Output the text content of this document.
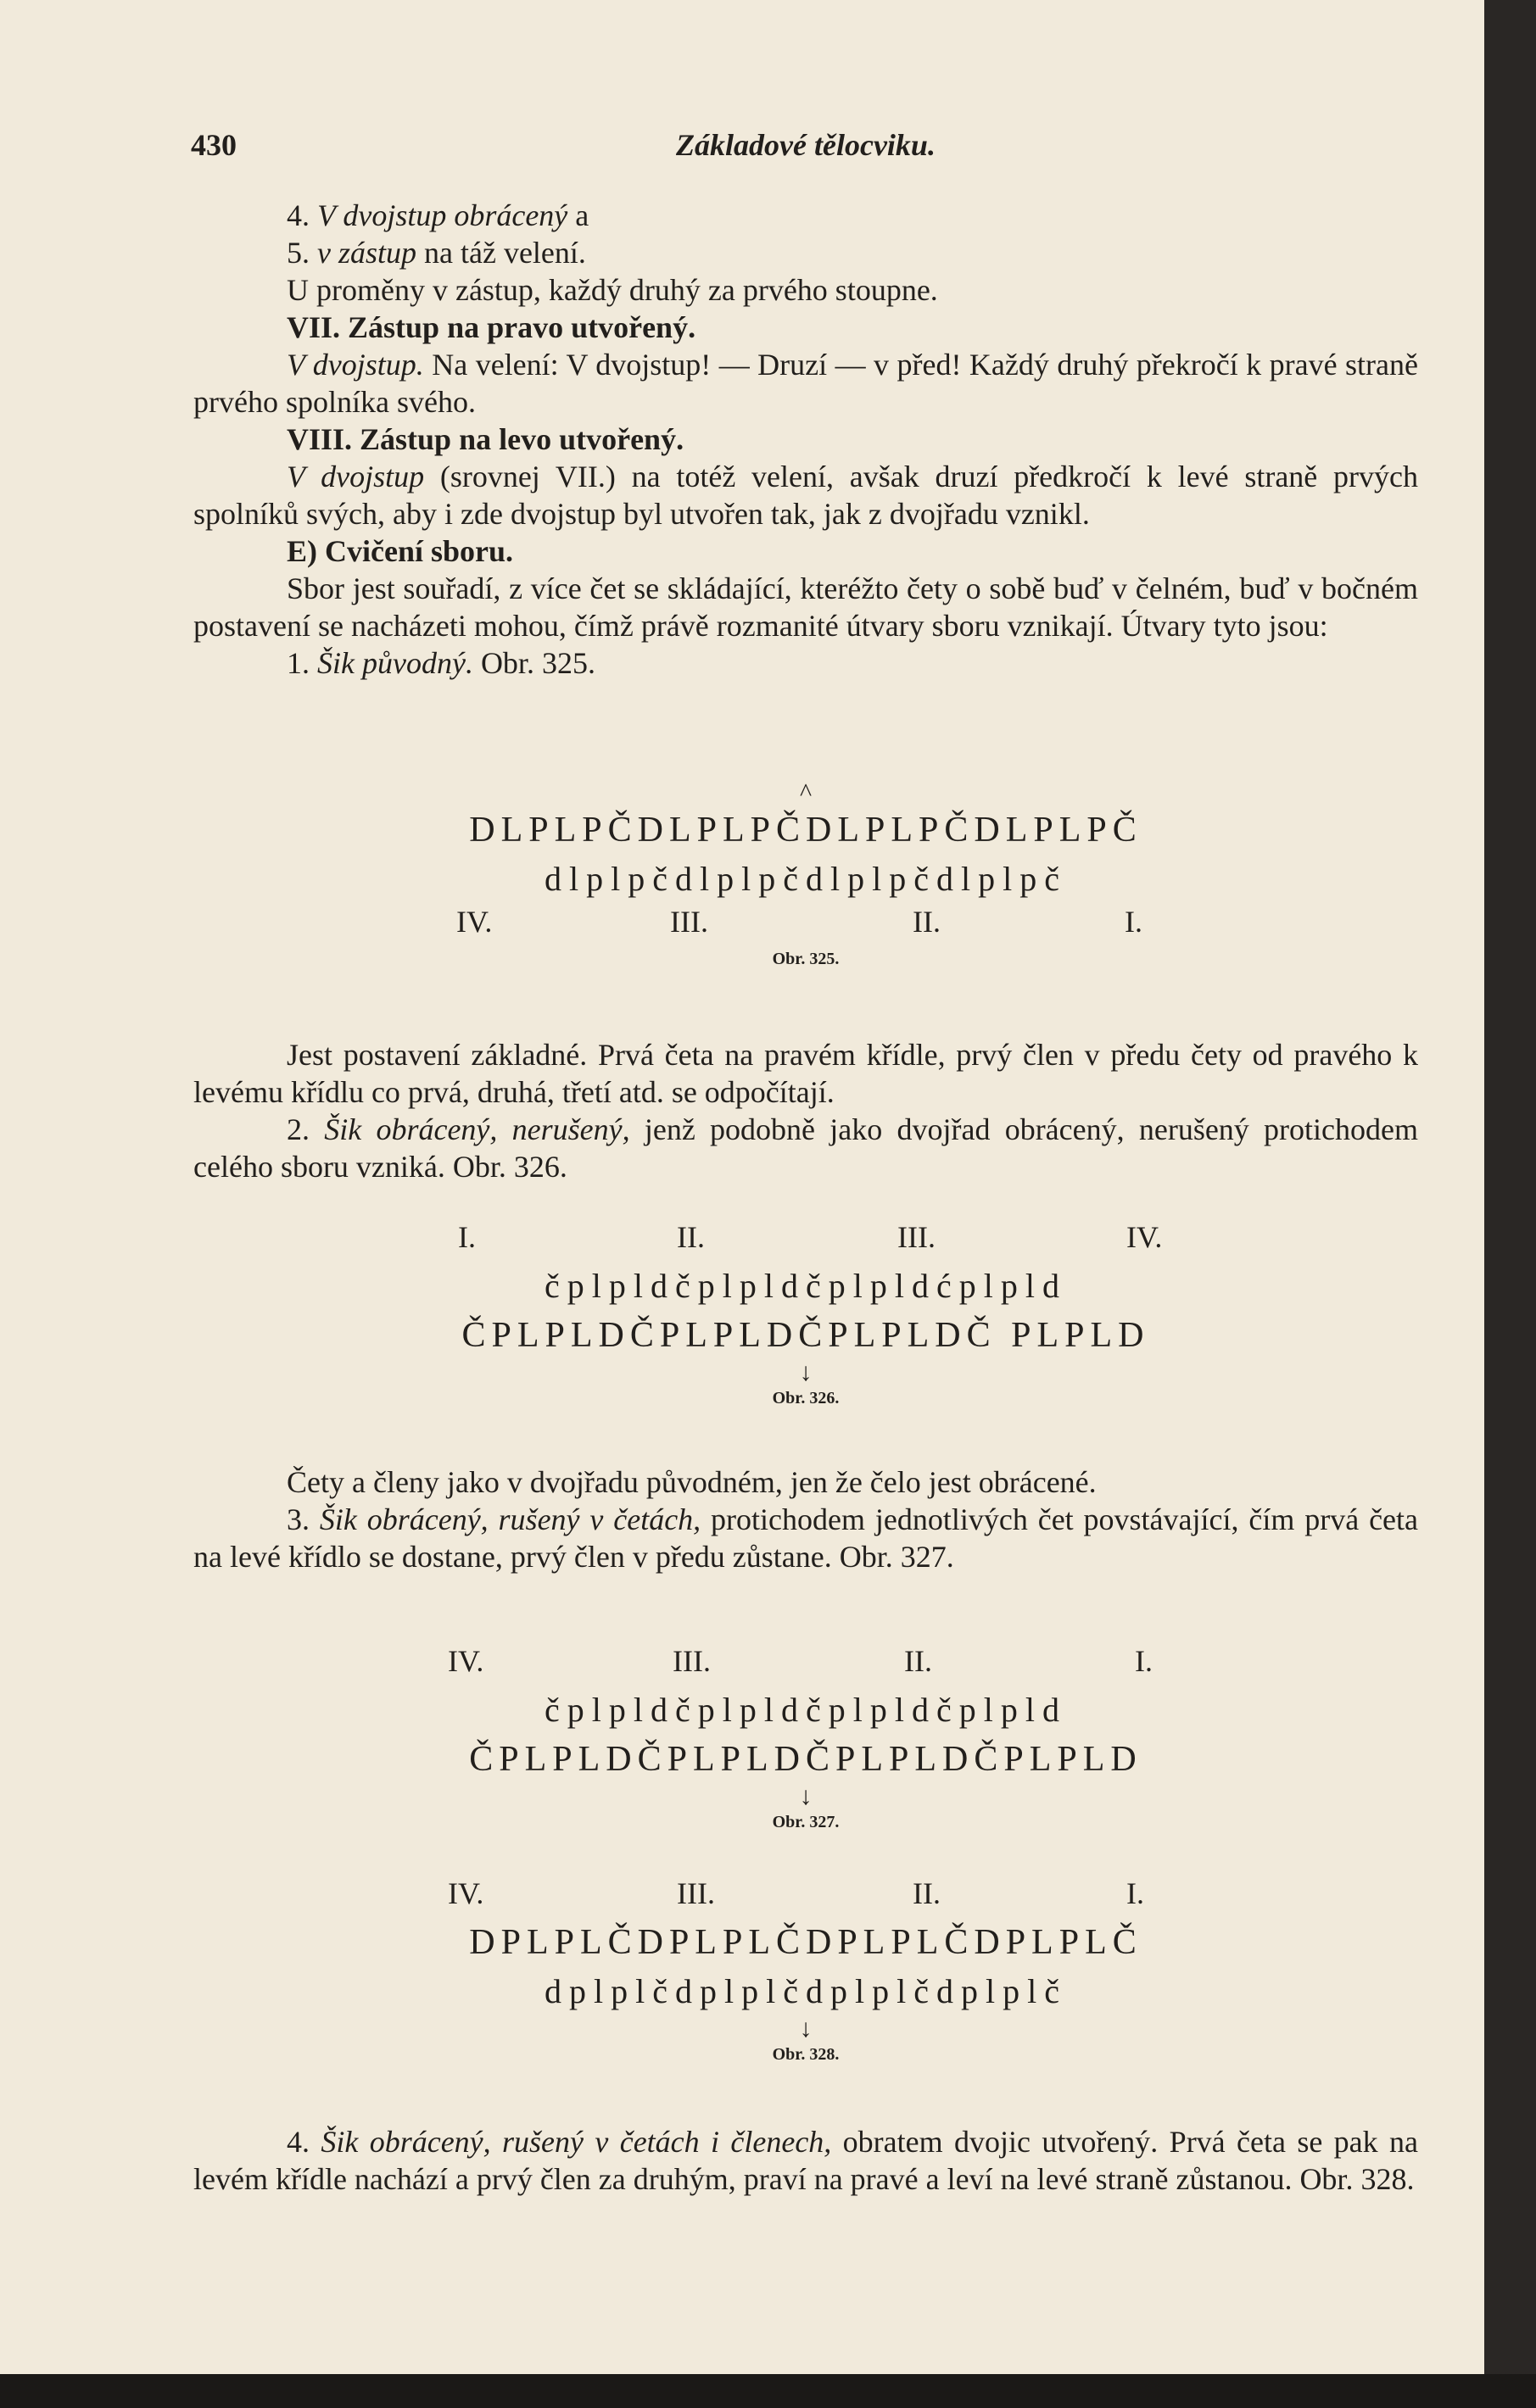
430	Základové tělocviku.

4. V dvojstup obrácený a

5. v zástup na táž velení.

U proměny v zástup, každý druhý za prvého stoupne.

VII. Zástup na pravo utvořený.

V dvojstup. Na velení: V dvojstup! — Druzí — v před! Každý druhý překročí k pravé straně prvého spolníka svého.

VIII. Zástup na levo utvořený.

V dvojstup (srovnej VII.) na totéž velení, avšak druzí předkročí k levé straně prvých spolníků svých, aby i zde dvojstup byl utvořen tak, jak z dvojřadu vznikl.

E) Cvičení sboru.

Sbor jest souřadí, z více čet se skládající, kteréžto čety o sobě buď v čelném, buď v bočném postavení se nacházeti mohou, čímž právě rozmanité útvary sboru vznikají. Útvary tyto jsou:

1. Šik původný. Obr. 325.

^
DLPLPČDLPLPČDLPLPČDLPLPČ
dlplpčdlplpčdlplpčdlplpč
IV.	III.	II.	I.
Obr. 325.

Jest postavení základné. Prvá četa na pravém křídle, prvý člen v předu čety od pravého k levému křídlu co prvá, druhá, třetí atd. se odpočítají.

2. Šik obrácený, nerušený, jenž podobně jako dvojřad obrácený, nerušený protichodem celého sboru vzniká. Obr. 326.

I.	II.	III.	IV.
čplpldčplpldčplpldćplpld
ČPLPLDČPLPLDČPLPLDČ PLPLD
↓
Obr. 326.

Čety a členy jako v dvojřadu původném, jen že čelo jest obrácené.

3. Šik obrácený, rušený v četách, protichodem jednotlivých čet povstávající, čím prvá četa na levé křídlo se dostane, prvý člen v předu zůstane. Obr. 327.

IV.	III.	II.	I.
čplpldčplpldčplpldčplpld
ČPLPLDČPLPLDČPLPLDČPLPLD
↓
Obr. 327.
IV.	III.	II.	I.
DPLPLČDPLPLČDPLPLČDPLPLČ
dplplčdplplčdplplčdplplč
↓
Obr. 328.

4. Šik obrácený, rušený v četách i členech, obratem dvojic utvořený. Prvá četa se pak na levém křídle nachází a prvý člen za druhým, praví na pravé a leví na levé straně zůstanou. Obr. 328.
